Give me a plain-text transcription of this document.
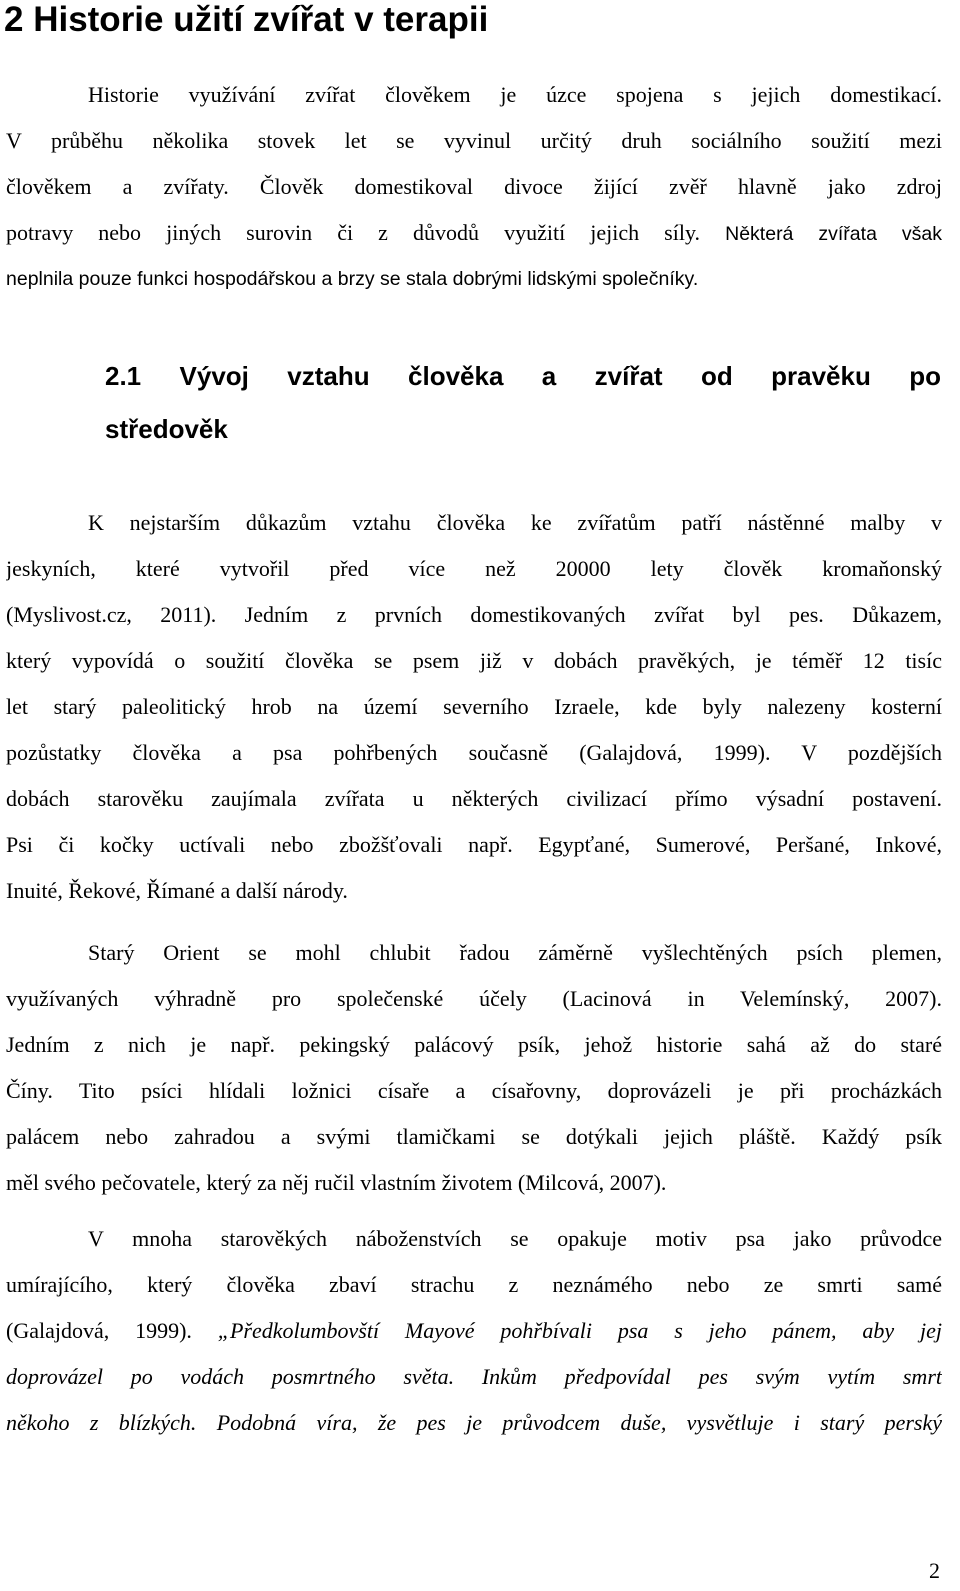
2 Historie užití zvířat v terapii
Historie využívání zvířat člověkem je úzce spojena s jejich domestikací.
V průběhu několika stovek let se vyvinul určitý druh sociálního soužití mezi
člověkem a zvířaty. Člověk domestikoval divoce žijící zvěř hlavně jako zdroj
potravy nebo jiných surovin či z důvodů využití jejich síly. Některá zvířata však
neplnila pouze funkci hospodářskou a brzy se stala dobrými lidskými společníky.
2.1 Vývoj vztahu člověka a zvířat od pravěku po
středověk
K nejstarším důkazům vztahu člověka ke zvířatům patří nástěnné malby v
jeskyních, které vytvořil před více než 20000 lety člověk kromaňonský
(Myslivost.cz, 2011). Jedním z prvních domestikovaných zvířat byl pes. Důkazem,
který vypovídá o soužití člověka se psem již v dobách pravěkých, je téměř 12 tisíc
let starý paleolitický hrob na území severního Izraele, kde byly nalezeny kosterní
pozůstatky člověka a psa pohřbených současně (Galajdová, 1999). V pozdějších
dobách starověku zaujímala zvířata u některých civilizací přímo výsadní postavení.
Psi či kočky uctívali nebo zbožšťovali např. Egypťané, Sumerové, Peršané, Inkové,
Inuité, Řekové, Římané a další národy.
Starý Orient se mohl chlubit řadou záměrně vyšlechtěných psích plemen,
využívaných výhradně pro společenské účely (Lacinová in Velemínský, 2007).
Jedním z nich je např. pekingský palácový psík, jehož historie sahá až do staré
Číny. Tito psíci hlídali ložnici císaře a císařovny, doprovázeli je při procházkách
palácem nebo zahradou a svými tlamičkami se dotýkali jejich pláště. Každý psík
měl svého pečovatele, který za něj ručil vlastním životem (Milcová, 2007).
V mnoha starověkých náboženstvích se opakuje motiv psa jako průvodce
umírajícího, který člověka zbaví strachu z neznámého nebo ze smrti samé
(Galajdová, 1999). „Předkolumbovští Mayové pohřbívali psa s jeho pánem, aby jej
doprovázel po vodách posmrtného světa. Inkům předpovídal pes svým vytím smrt
někoho z blízkých. Podobná víra, že pes je průvodcem duše, vysvětluje i starý perský
2
